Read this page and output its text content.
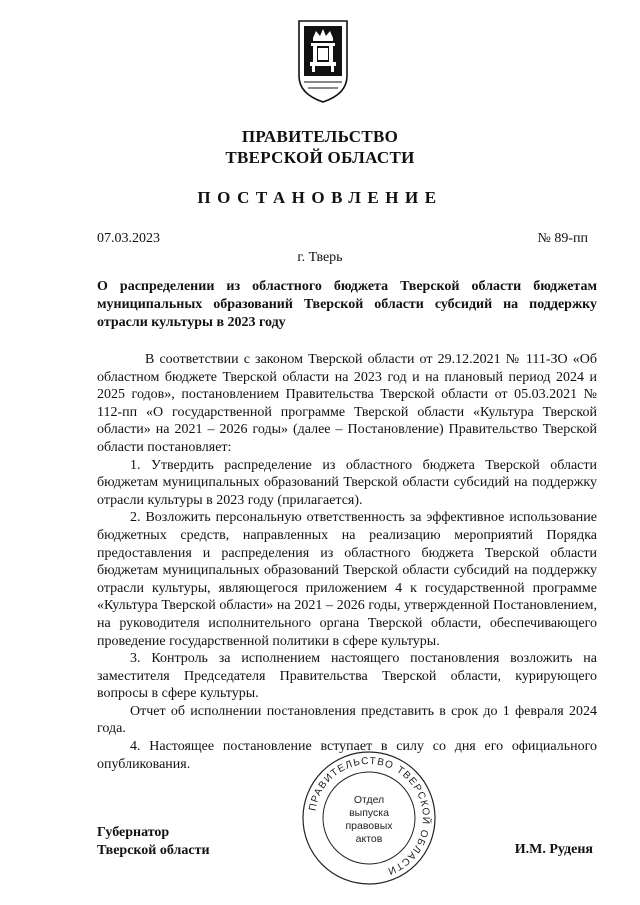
ПРАВИТЕЛЬСТВО
ТВЕРСКОЙ ОБЛАСТИ
ПОСТАНОВЛЕНИЕ
07.03.2023	№ 89-пп
г. Тверь
О распределении из областного бюджета Тверской области бюджетам муниципальных образований Тверской области субсидий на поддержку отрасли культуры в 2023 году

В соответствии с законом Тверской области от 29.12.2021 № 111-ЗО «Об областном бюджете Тверской области на 2023 год и на плановый период 2024 и 2025 годов», постановлением Правительства Тверской области от 05.03.2021 № 112-пп «О государственной программе Тверской области «Культура Тверской области» на 2021 – 2026 годы» (далее – Постановление) Правительство Тверской области постановляет:

1. Утвердить распределение из областного бюджета Тверской области бюджетам муниципальных образований Тверской области субсидий на поддержку отрасли культуры в 2023 году (прилагается).

2. Возложить персональную ответственность за эффективное использование бюджетных средств, направленных на реализацию мероприятий Порядка предоставления и распределения из областного бюджета Тверской области бюджетам муниципальных образований Тверской области субсидий на поддержку отрасли культуры, являющегося приложением 4 к государственной программе «Культура Тверской области» на 2021 – 2026 годы, утвержденной Постановлением, на руководителя исполнительного органа Тверской области, обеспечивающего проведение государственной политики в сфере культуры.

3. Контроль за исполнением настоящего постановления возложить на заместителя Председателя Правительства Тверской области, курирующего вопросы в сфере культуры.

Отчет об исполнении постановления представить в срок до 1 февраля 2024 года.

4. Настоящее постановление вступает в силу со дня его официального опубликования.

ПРАВИТЕЛЬСТВО ТВЕРСКОЙ ОБЛАСТИ
Отдел
выпуска
правовых
актов
Губернатор
Тверской области	И.М. Руденя
